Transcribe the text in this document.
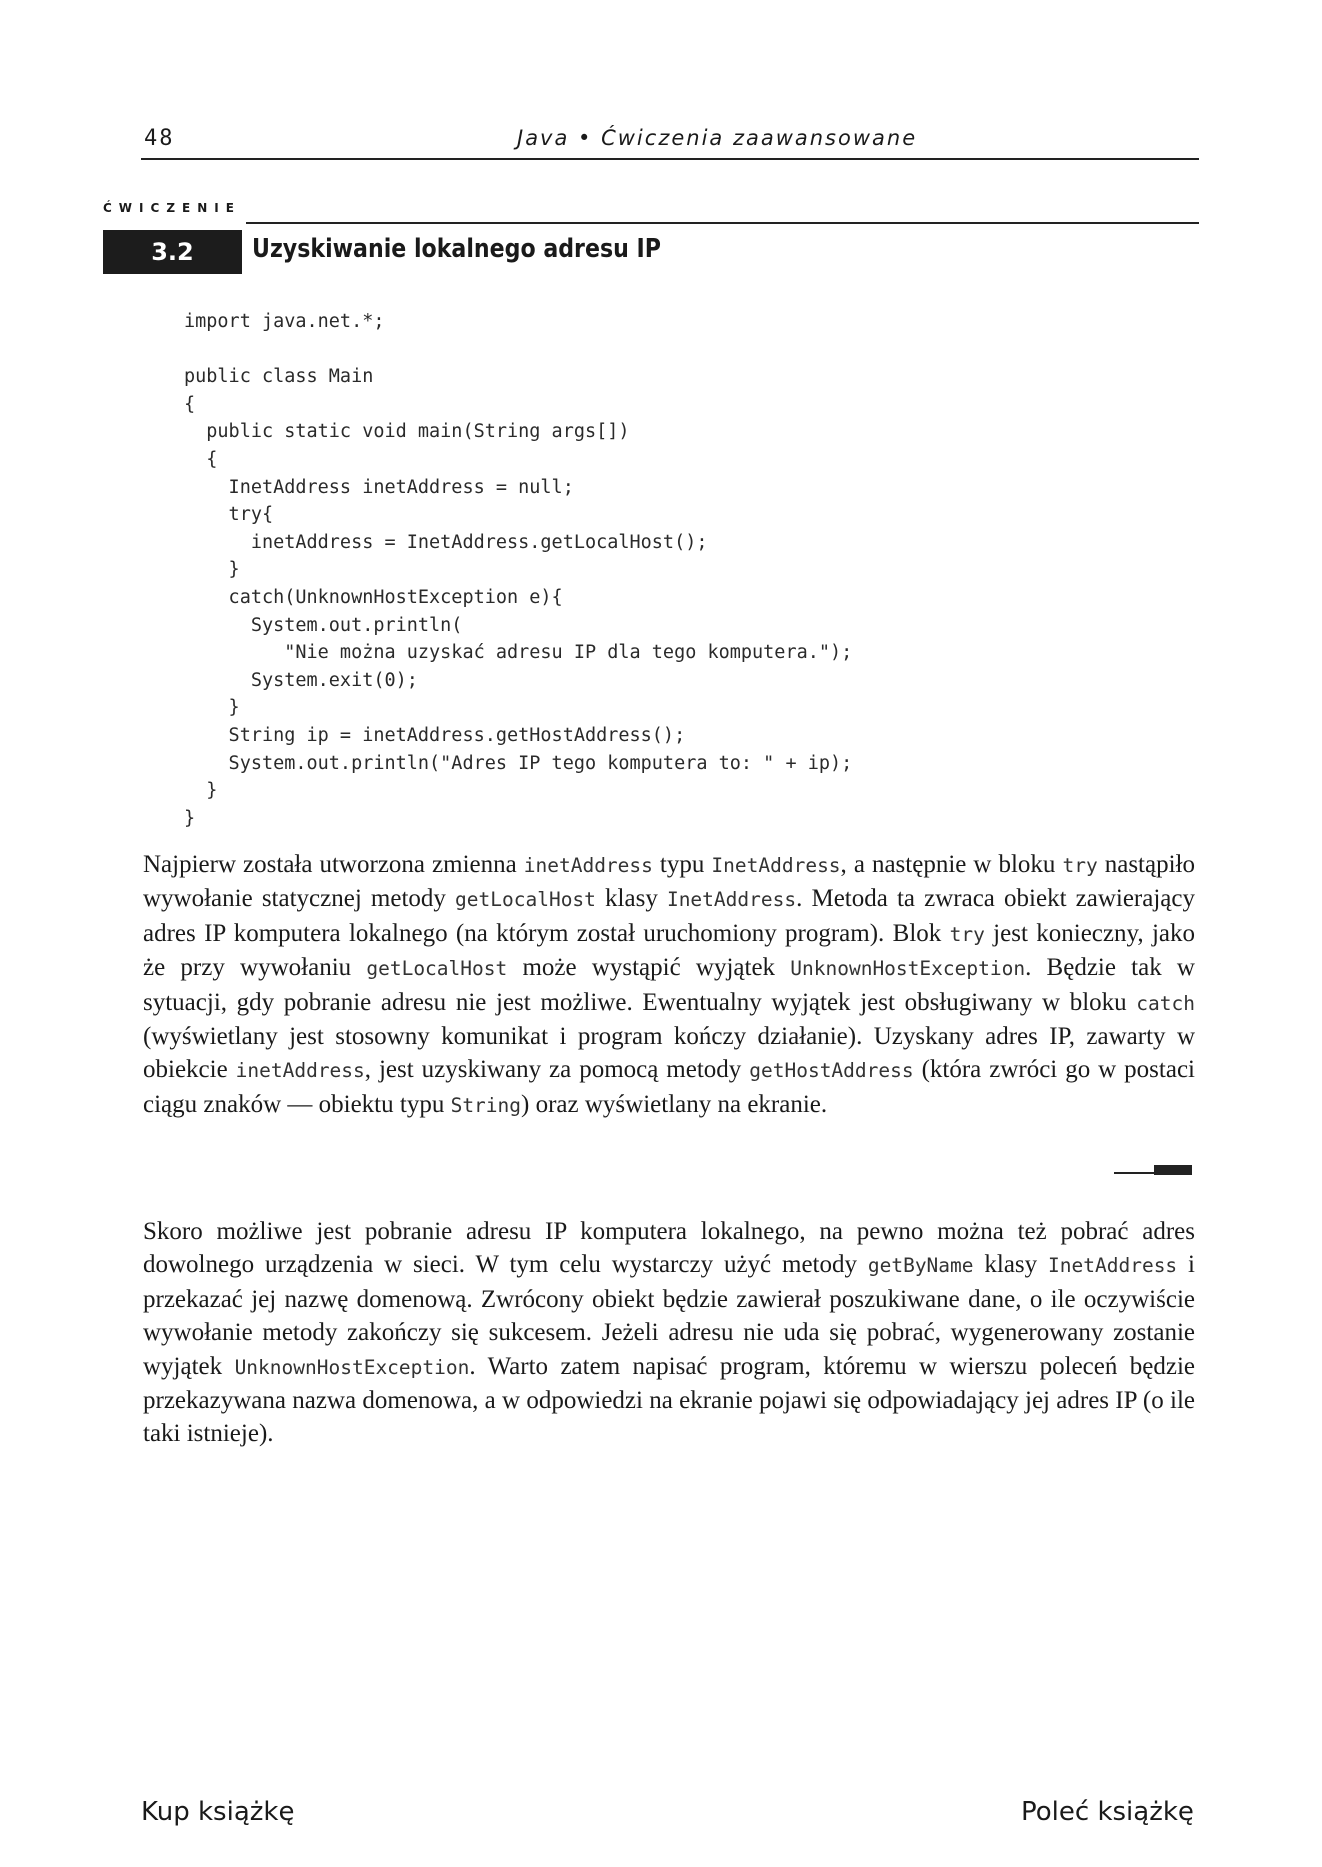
48	Java • Ćwiczenia zaawansowane
ĆWICZENIE
3.2	Uzyskiwanie lokalnego adresu IP
import java.net.*;
public class Main
{
public static void main(String args[])
{
InetAddress inetAddress = null;
try{
inetAddress = InetAddress.getLocalHost();
}
catch(UnknownHostException e){
System.out.println(
"Nie można uzyskać adresu IP dla tego komputera.");
System.exit(0);
}
String ip = inetAddress.getHostAddress();
System.out.println("Adres IP tego komputera to: " + ip);
}
}

Najpierw została utworzona zmienna inetAddress typu InetAddress, a następnie w bloku try nastąpiło wywołanie statycznej metody getLocalHost klasy InetAddress. Metoda ta zwraca obiekt zawierający adres IP komputera lokalnego (na którym został uruchomiony program). Blok try jest konieczny, jako że przy wywołaniu getLocalHost może wystąpić wyjątek UnknownHostException. Będzie tak w sytuacji, gdy pobranie adresu nie jest możliwe. Ewentualny wyjątek jest obsługiwany w bloku catch (wyświetlany jest stosowny komunikat i program kończy działanie). Uzyskany adres IP, zawarty w obiekcie inetAddress, jest uzyskiwany za pomocą metody getHostAddress (która zwróci go w postaci ciągu znaków — obiektu typu String) oraz wyświetlany na ekranie.

Skoro możliwe jest pobranie adresu IP komputera lokalnego, na pewno można też pobrać adres dowolnego urządzenia w sieci. W tym celu wystarczy użyć metody getByName klasy InetAddress i przekazać jej nazwę domenową. Zwrócony obiekt będzie zawierał poszukiwane dane, o ile oczywiście wywołanie metody zakończy się sukcesem. Jeżeli adresu nie uda się pobrać, wygenerowany zostanie wyjątek UnknownHostException. Warto zatem napisać program, któremu w wierszu poleceń będzie przekazywana nazwa domenowa, a w odpowiedzi na ekranie pojawi się odpowiadający jej adres IP (o ile taki istnieje).

Kup książkę	Poleć książkę
